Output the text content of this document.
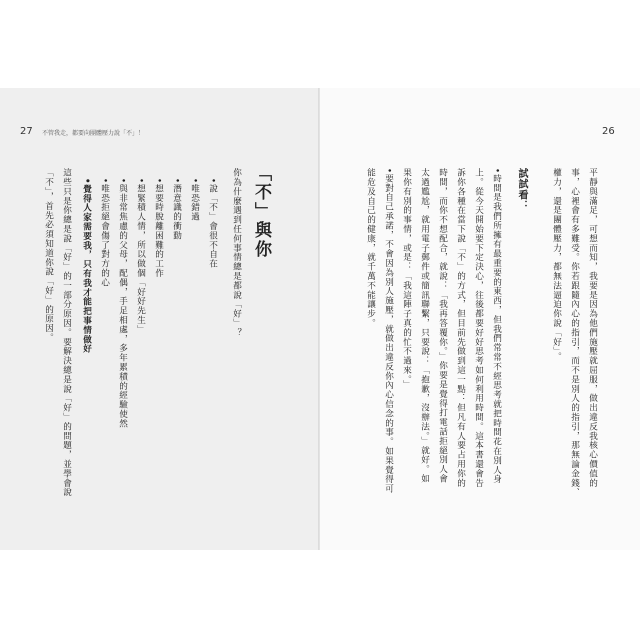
27 不管我走，都要向團體壓力說「不」！
「不」與你
你為什麼遇到任何事情總是都說「好」？
•說「不」會很不自在
•唯恐錯過
•潛意識的衝動
•想要時脫離困難的工作
•想緊積人情，所以做個「好好先生」
•與非常焦慮的父母，配偶，手足相處，多年累積的經驗使然
•唯恐拒絕會傷了對方的心
•覺得人家需要我，只有我才能把事情做好
這些只是你總是說「好」的一部分原因。要解決總是說「好」的問題，並學會說
「不」，首先必須知道你說「好」的原因。
26
平靜與滿足，可想而知，我要是因為他們施壓就屈服，做出違反我核心價值的
事，心裡會有多難受。你若跟隨內心的指引，而不是別人的指引，那無論金錢、
權力，還是團體壓力，都無法逼迫你說「好」。
試試看：
•時間是我們所擁有最重要的東西，但我們常常不經思考就把時間花在別人身
上。從今天開始要下定決心，往後都要好好思考如何利用時間。這本書還會告
訴你各種在當下說「不」的方式，但目前先做到這一點：但凡有人要占用你的
時間，而你不想配合，就說：「我再答覆你。」你要是覺得打電話拒絕別人會
太過尷尬，就用電子郵件或簡訊聯繫，只要說：「抱歉，沒辦法。」就好。如
果你有別的事情，或是：「我這陣子真的忙不過來。」
•要對自己承諾，不會因為別人施壓，就做出違反你內心信念的事。如果覺得可
能危及自己的健康，就千萬不能讓步。
